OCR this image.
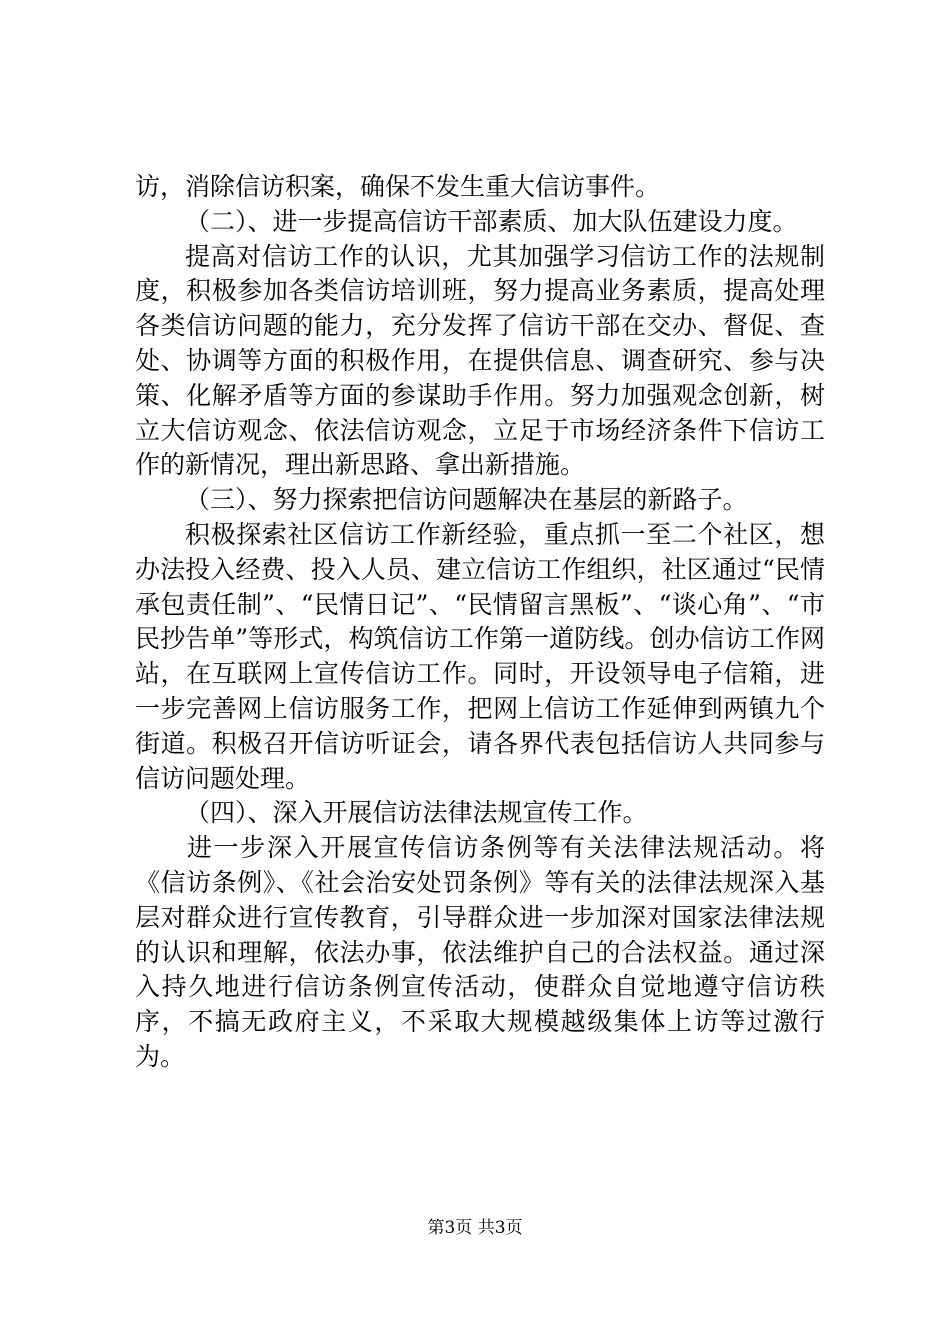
访，消除信访积案，确保不发生重大信访事件。

（二）、进一步提高信访干部素质、加大队伍建设力度。

提高对信访工作的认识，尤其加强学习信访工作的法规制度，积极参加各类信访培训班，努力提高业务素质，提高处理各类信访问题的能力，充分发挥了信访干部在交办、督促、查处、协调等方面的积极作用，在提供信息、调查研究、参与决策、化解矛盾等方面的参谋助手作用。努力加强观念创新，树立大信访观念、依法信访观念，立足于市场经济条件下信访工作的新情况，理出新思路、拿出新措施。

（三）、努力探索把信访问题解决在基层的新路子。

积极探索社区信访工作新经验，重点抓一至二个社区，想办法投入经费、投入人员、建立信访工作组织，社区通过“民情承包责任制”、“民情日记”、“民情留言黑板”、“谈心角”、“市民抄告单”等形式，构筑信访工作第一道防线。创办信访工作网站，在互联网上宣传信访工作。同时，开设领导电子信箱，进一步完善网上信访服务工作，把网上信访工作延伸到两镇九个街道。积极召开信访听证会，请各界代表包括信访人共同参与信访问题处理。

（四）、深入开展信访法律法规宣传工作。

进一步深入开展宣传信访条例等有关法律法规活动。将《信访条例》、《社会治安处罚条例》等有关的法律法规深入基层对群众进行宣传教育，引导群众进一步加深对国家法律法规的认识和理解，依法办事，依法维护自己的合法权益。通过深入持久地进行信访条例宣传活动，使群众自觉地遵守信访秩序，不搞无政府主义，不采取大规模越级集体上访等过激行为。

第3页 共3页
